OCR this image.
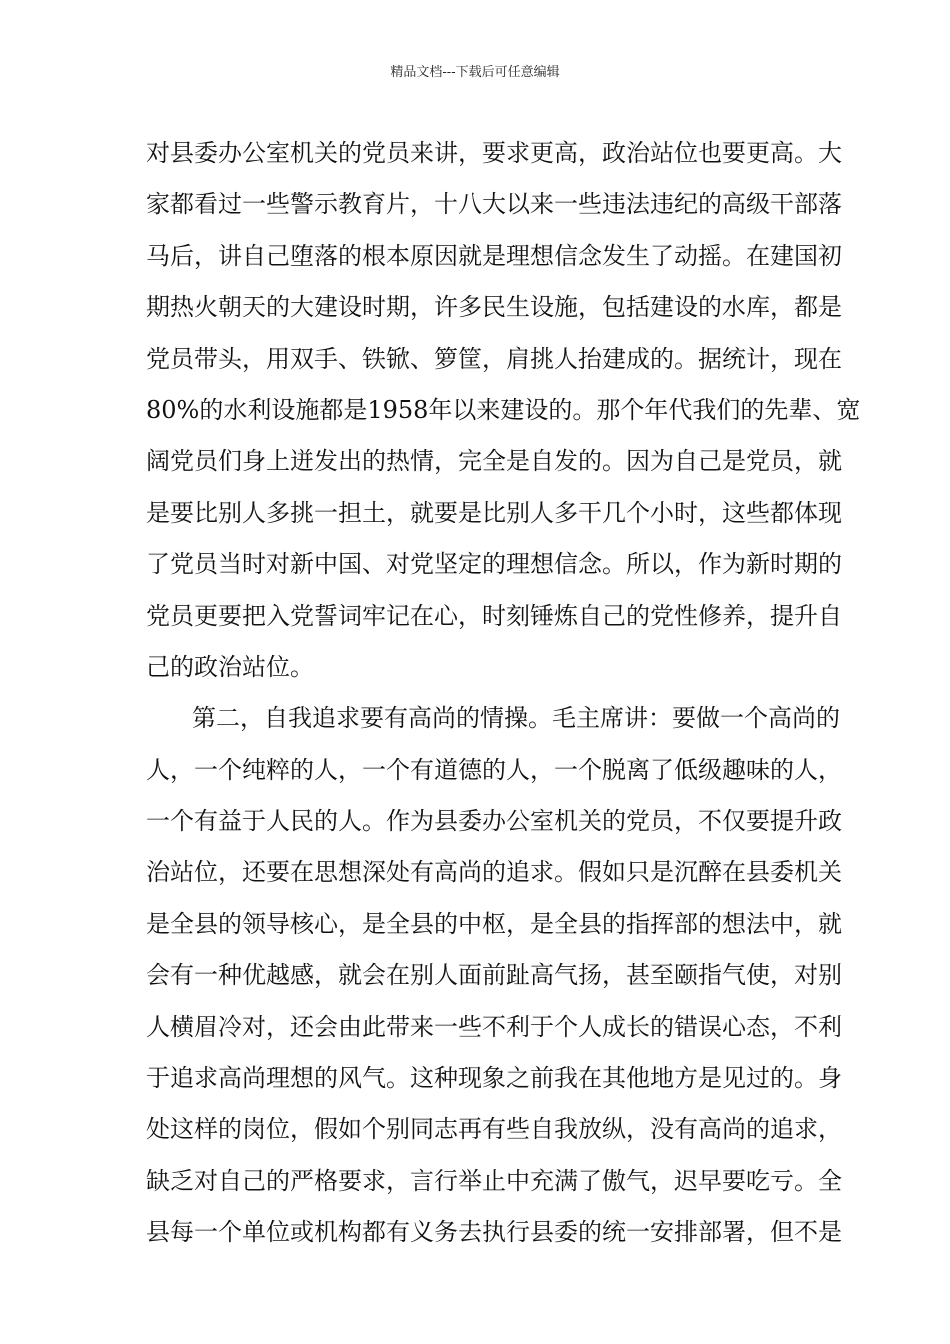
精品文档---下载后可任意编辑
对县委办公室机关的党员来讲，要求更高，政治站位也要更高。大
家都看过一些警示教育片，十八大以来一些违法违纪的高级干部落
马后，讲自己堕落的根本原因就是理想信念发生了动摇。在建国初
期热火朝天的大建设时期，许多民生设施，包括建设的水库，都是
党员带头，用双手、铁锨、箩筐，肩挑人抬建成的。据统计，现在
80%的水利设施都是1958年以来建设的。那个年代我们的先辈、宽
阔党员们身上迸发出的热情，完全是自发的。因为自己是党员，就
是要比别人多挑一担土，就要是比别人多干几个小时，这些都体现
了党员当时对新中国、对党坚定的理想信念。所以，作为新时期的
党员更要把入党誓词牢记在心，时刻锤炼自己的党性修养，提升自
己的政治站位。
第二，自我追求要有高尚的情操。毛主席讲：要做一个高尚的
人，一个纯粹的人，一个有道德的人，一个脱离了低级趣味的人，
一个有益于人民的人。作为县委办公室机关的党员，不仅要提升政
治站位，还要在思想深处有高尚的追求。假如只是沉醉在县委机关
是全县的领导核心，是全县的中枢，是全县的指挥部的想法中，就
会有一种优越感，就会在别人面前趾高气扬，甚至颐指气使，对别
人横眉冷对，还会由此带来一些不利于个人成长的错误心态，不利
于追求高尚理想的风气。这种现象之前我在其他地方是见过的。身
处这样的岗位，假如个别同志再有些自我放纵，没有高尚的追求，
缺乏对自己的严格要求，言行举止中充满了傲气，迟早要吃亏。全
县每一个单位或机构都有义务去执行县委的统一安排部署，但不是
